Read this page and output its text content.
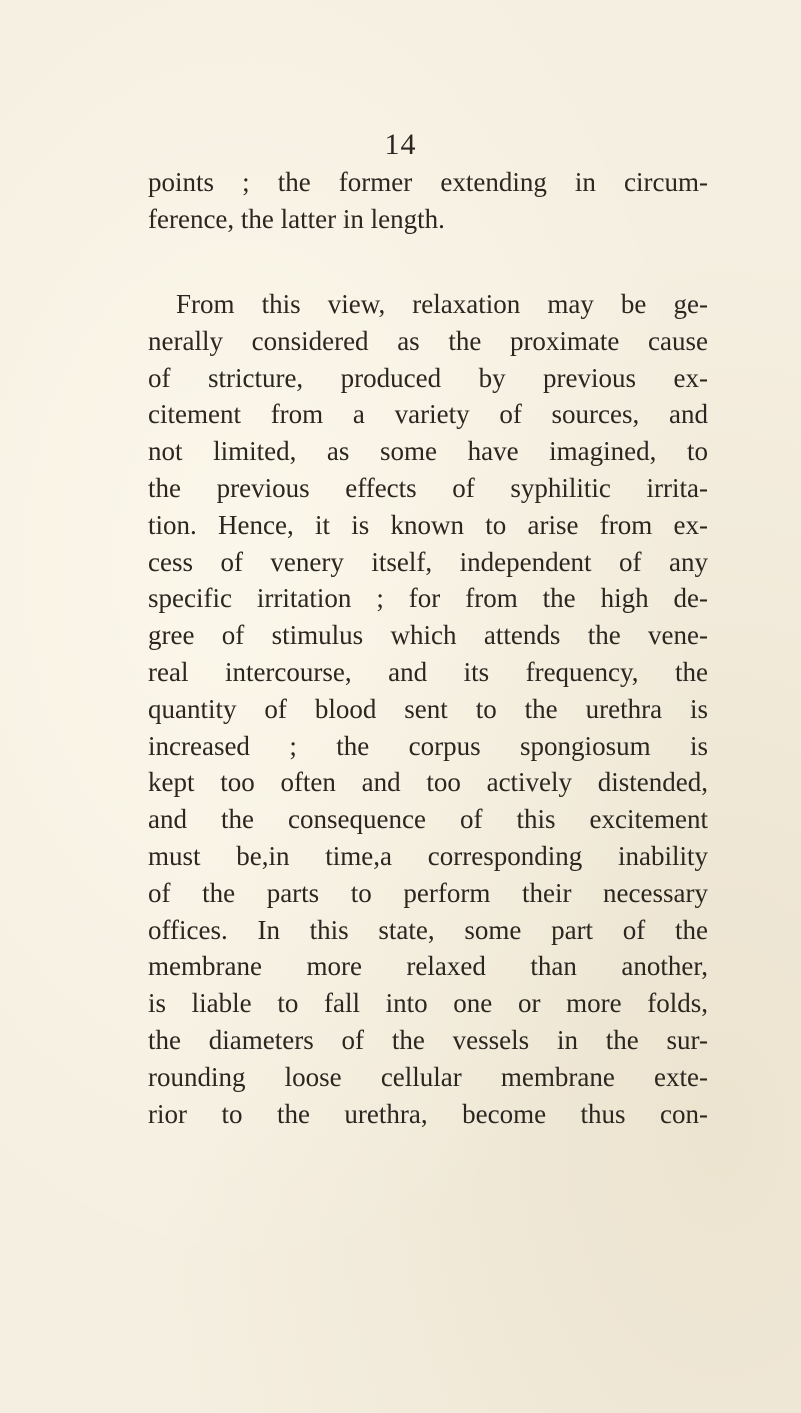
14
points ; the former extending in circum-
ference, the latter in length.
From this view, relaxation may be ge-
nerally considered as the proximate cause
of stricture, produced by previous ex-
citement from a variety of sources, and
not limited, as some have imagined, to
the previous effects of syphilitic irrita-
tion. Hence, it is known to arise from ex-
cess of venery itself, independent of any
specific irritation ; for from the high de-
gree of stimulus which attends the vene-
real intercourse, and its frequency, the
quantity of blood sent to the urethra is
increased ; the corpus spongiosum is
kept too often and too actively distended,
and the consequence of this excitement
must be,in time,a corresponding inability
of the parts to perform their necessary
offices. In this state, some part of the
membrane more relaxed than another,
is liable to fall into one or more folds,
the diameters of the vessels in the sur-
rounding loose cellular membrane exte-
rior to the urethra, become thus con-
